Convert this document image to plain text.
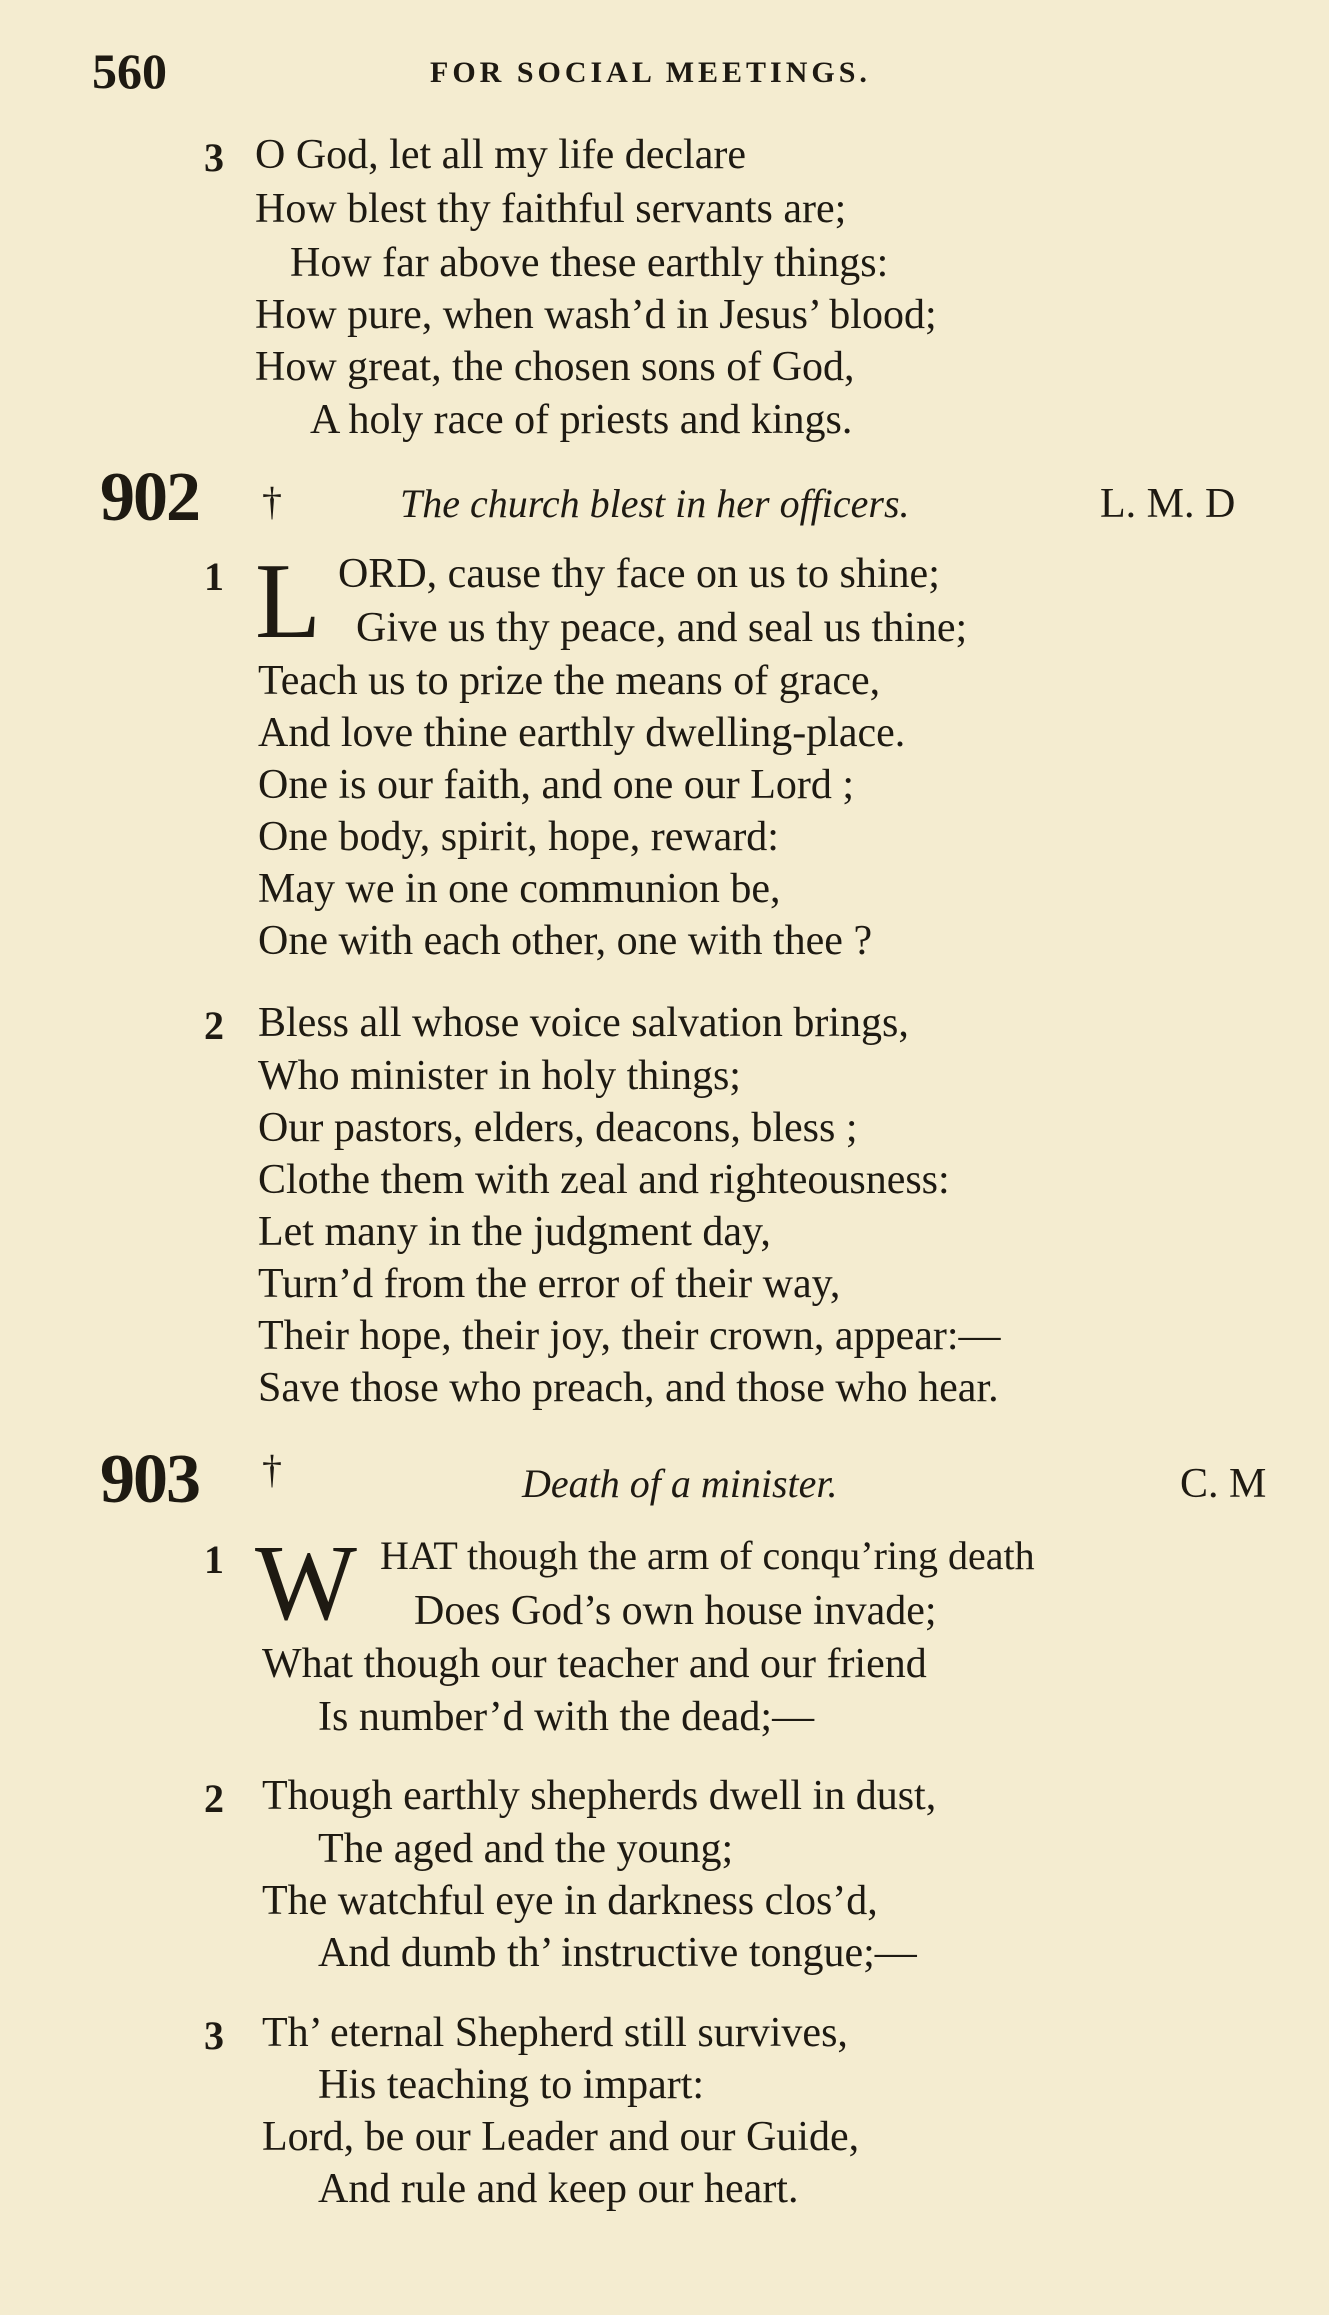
560	FOR SOCIAL MEETINGS.
3 O God, let all my life declare
How blest thy faithful servants are;
How far above these earthly things:
How pure, when wash’d in Jesus’ blood;
How great, the chosen sons of God,
A holy race of priests and kings.
902 †	The church blest in her officers.	L. M. D
1 L ORD, cause thy face on us to shine;
Give us thy peace, and seal us thine;
Teach us to prize the means of grace,
And love thine earthly dwelling-place.
One is our faith, and one our Lord ;
One body, spirit, hope, reward:
May we in one communion be,
One with each other, one with thee ?
2 Bless all whose voice salvation brings,
Who minister in holy things;
Our pastors, elders, deacons, bless ;
Clothe them with zeal and righteousness:
Let many in the judgment day,
Turn’d from the error of their way,
Their hope, their joy, their crown, appear:—
Save those who preach, and those who hear.
903 †	Death of a minister.	C. M
1 W HAT though the arm of conqu’ring death
Does God’s own house invade;
What though our teacher and our friend
Is number’d with the dead;—
2 Though earthly shepherds dwell in dust,
The aged and the young;
The watchful eye in darkness clos’d,
And dumb th’ instructive tongue;—
3 Th’ eternal Shepherd still survives,
His teaching to impart:
Lord, be our Leader and our Guide,
And rule and keep our heart.
